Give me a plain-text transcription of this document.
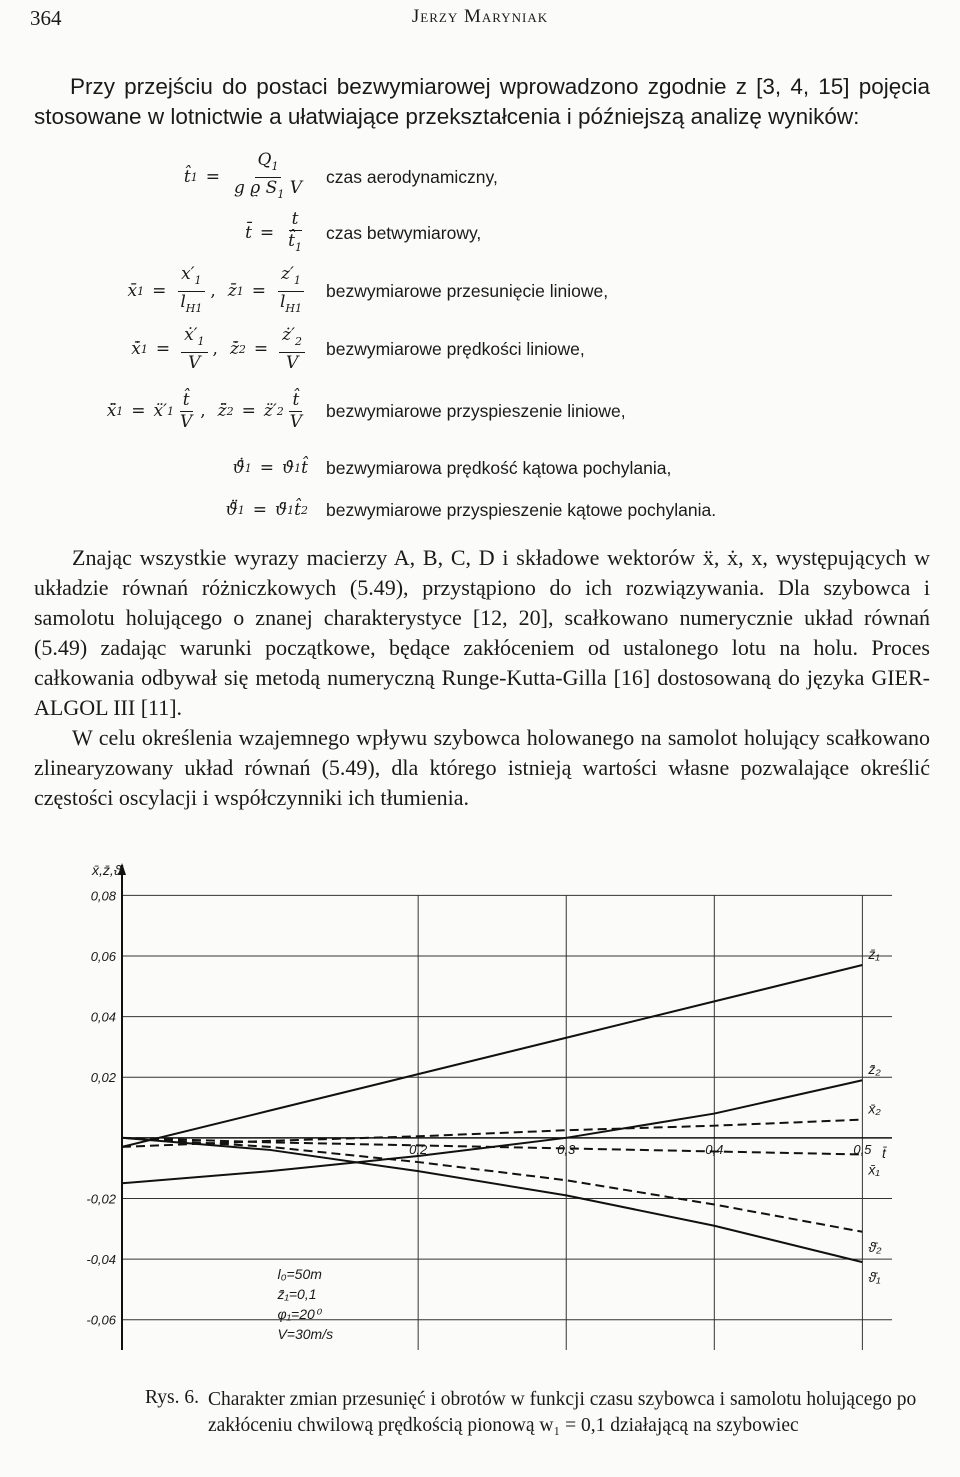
364	Jerzy Maryniak
Przy przejściu do postaci bezwymiarowej wprowadzono zgodnie z [3, 4, 15] pojęcia stosowane w lotnictwie a ułatwiające przekształcenia i późniejszą analizę wyników:
t̂ $1 = \frac{Q_1}{g ϱ S_1 V}$ czas aerodynamiczny,
t̄ = $\frac{t}{t̂_1}$ czas betwymiarowy,
x̄ $1 = \frac{x'_1}{l_{H1}}$ , z̄ $1 = \frac{z'_1}{l_{H1}}$ bezwymiarowe przesunięcie liniowe,
x̄̇ $1 = \frac{ẋ'_1}{V}$ , z̄̇ $2 = \frac{ż'_2}{V}$ bezwymiarowe prędkości liniowe,
x̄̈ 1 = ẍ′ $1 \frac{t̂}{V}$ , z̄̈ 2 = z̈′ $2 \frac{t̂}{V}$ bezwymiarowe przyspieszenie liniowe,
ϑ̄̇ 1 = ϑ̇ 1 t̂ bezwymiarowa prędkość kątowa pochylania,
ϑ̄̈ 1 = ϑ̈ 1 t̂ 2 bezwymiarowe przyspieszenie kątowe pochylania.

Znając wszystkie wyrazy macierzy A, B, C, D i składowe wektorów ẍ, ẋ, x, występujących w układzie równań różniczkowych (5.49), przystąpiono do ich rozwiązywania. Dla szybowca i samolotu holującego o znanej charakterystyce [12, 20], scałkowano numerycznie układ równań (5.49) zadając warunki początkowe, będące zakłóceniem od ustalonego lotu na holu. Proces całkowania odbywał się metodą numeryczną Runge-Kutta-Gilla [16] dostosowaną do języka GIER-ALGOL III [11].

W celu określenia wzajemnego wpływu szybowca holowanego na samolot holujący scałkowano zlinearyzowany układ równań (5.49), dla którego istnieją wartości własne pozwalające określić częstości oscylacji i współczynniki ich tłumienia.

0,08
0,06
0,04
0,02
-0,02
-0,04
-0,06
x̄,z̄,ϑ̄
0,2	0,3	0,4	0,5 t̄
z̄₁
z̄₂
x̄₂
x̄₁
ϑ̄₂
ϑ̄₁
l₀=50m
z̄₁=0,1
φ₁=20⁰
V=30m/s
Rys. 6. Charakter zmian przesunięć i obrotów w funkcji czasu szybowca i samolotu holującego po zakłóceniu chwilową prędkością pionową w₁ = 0,1 działającą na szybowiec
